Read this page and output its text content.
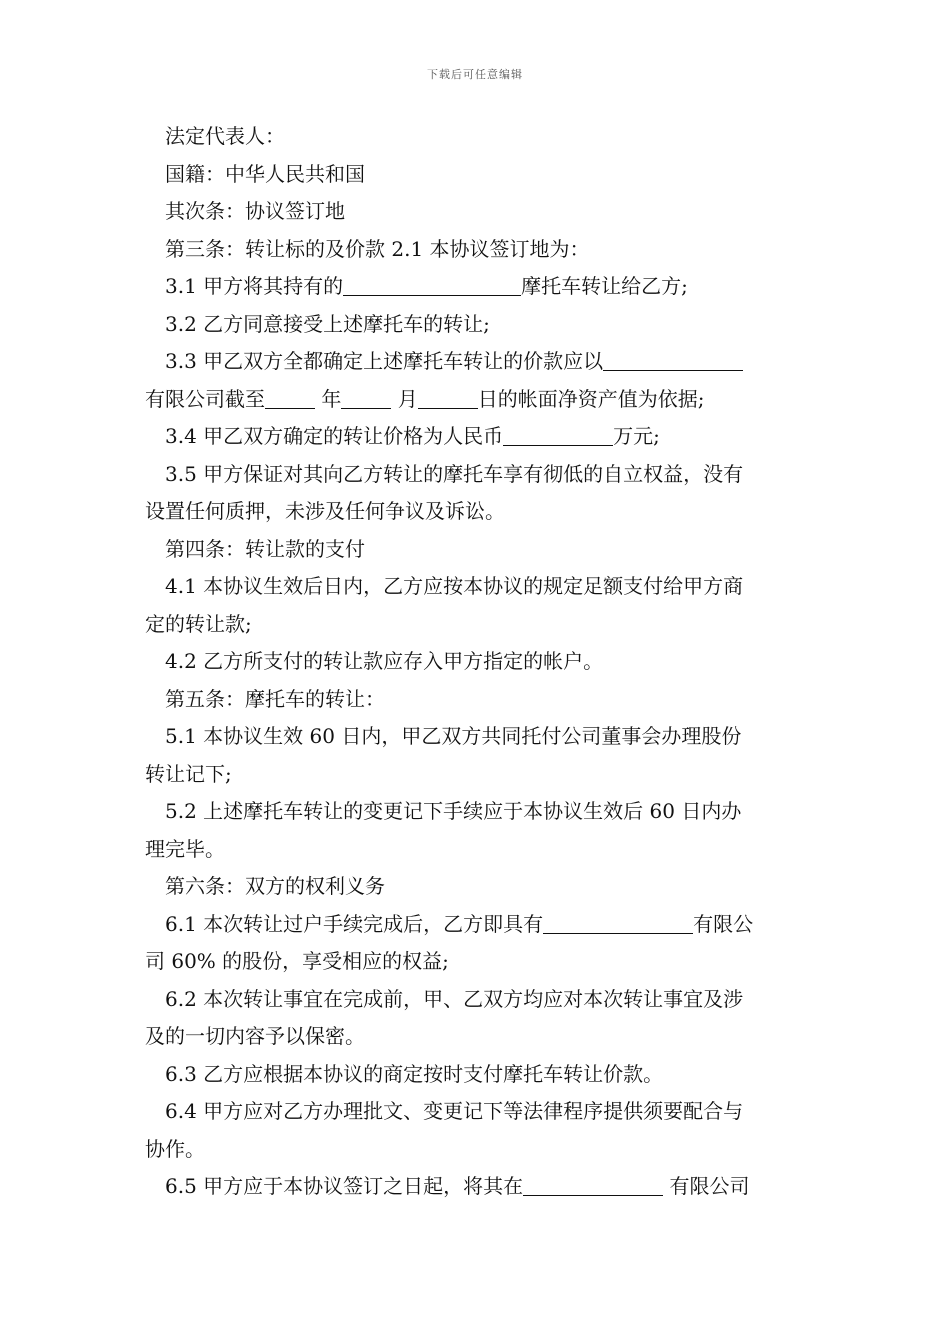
下载后可任意编辑
法定代表人：
国籍：中华人民共和国
其次条：协议签订地
第三条：转让标的及价款 2.1 本协议签订地为：
3.1 甲方将其持有的	摩托车转让给乙方;
3.2 乙方同意接受上述摩托车的转让;
3.3 甲乙双方全都确定上述摩托车转让的价款应以
有限公司截至	年	月	日的帐面净资产值为依据;
3.4 甲乙双方确定的转让价格为人民币	万元;
3.5 甲方保证对其向乙方转让的摩托车享有彻低的自立权益，没有
设置任何质押，未涉及任何争议及诉讼。
第四条：转让款的支付
4.1 本协议生效后日内，乙方应按本协议的规定足额支付给甲方商
定的转让款;
4.2 乙方所支付的转让款应存入甲方指定的帐户。
第五条：摩托车的转让：
5.1 本协议生效 60 日内，甲乙双方共同托付公司董事会办理股份
转让记下;
5.2 上述摩托车转让的变更记下手续应于本协议生效后 60 日内办
理完毕。
第六条：双方的权利义务
6.1 本次转让过户手续完成后，乙方即具有	有限公
司 60% 的股份，享受相应的权益;
6.2 本次转让事宜在完成前，甲、乙双方均应对本次转让事宜及涉
及的一切内容予以保密。
6.3 乙方应根据本协议的商定按时支付摩托车转让价款。
6.4 甲方应对乙方办理批文、变更记下等法律程序提供须要配合与
协作。
6.5 甲方应于本协议签订之日起，将其在	有限公司
